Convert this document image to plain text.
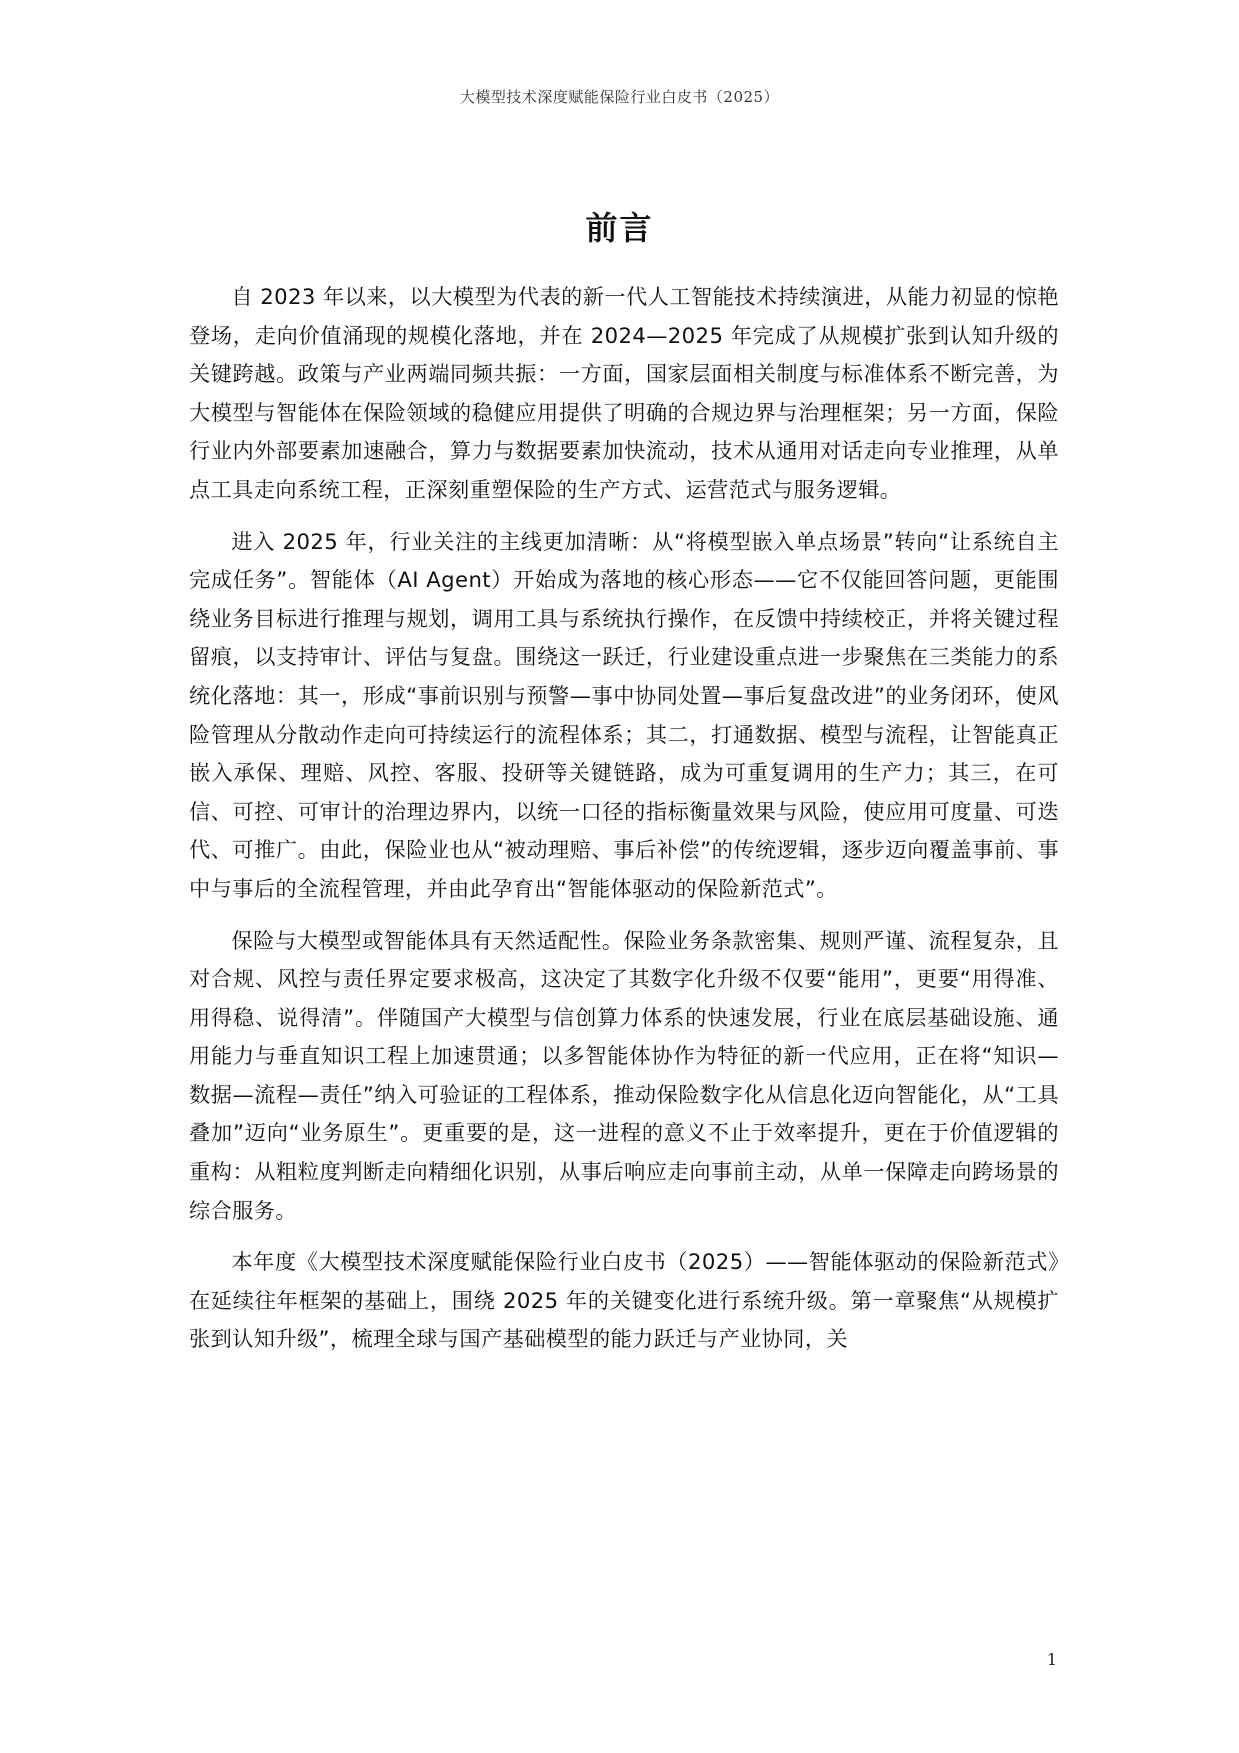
大模型技术深度赋能保险行业白皮书（2025）
前言

自 2023 年以来，以大模型为代表的新一代人工智能技术持续演进，从能力初显的惊艳登场，走向价值涌现的规模化落地，并在 2024—2025 年完成了从规模扩张到认知升级的关键跨越。政策与产业两端同频共振：一方面，国家层面相关制度与标准体系不断完善，为大模型与智能体在保险领域的稳健应用提供了明确的合规边界与治理框架；另一方面，保险行业内外部要素加速融合，算力与数据要素加快流动，技术从通用对话走向专业推理，从单点工具走向系统工程，正深刻重塑保险的生产方式、运营范式与服务逻辑。

进入 2025 年，行业关注的主线更加清晰：从“将模型嵌入单点场景”转向“让系统自主完成任务”。智能体（AI Agent）开始成为落地的核心形态——它不仅能回答问题，更能围绕业务目标进行推理与规划，调用工具与系统执行操作，在反馈中持续校正，并将关键过程留痕，以支持审计、评估与复盘。围绕这一跃迁，行业建设重点进一步聚焦在三类能力的系统化落地：其一，形成“事前识别与预警—事中协同处置—事后复盘改进”的业务闭环，使风险管理从分散动作走向可持续运行的流程体系；其二，打通数据、模型与流程，让智能真正嵌入承保、理赔、风控、客服、投研等关键链路，成为可重复调用的生产力；其三，在可信、可控、可审计的治理边界内，以统一口径的指标衡量效果与风险，使应用可度量、可迭代、可推广。由此，保险业也从“被动理赔、事后补偿”的传统逻辑，逐步迈向覆盖事前、事中与事后的全流程管理，并由此孕育出“智能体驱动的保险新范式”。

保险与大模型或智能体具有天然适配性。保险业务条款密集、规则严谨、流程复杂，且对合规、风控与责任界定要求极高，这决定了其数字化升级不仅要“能用”，更要“用得准、用得稳、说得清”。伴随国产大模型与信创算力体系的快速发展，行业在底层基础设施、通用能力与垂直知识工程上加速贯通；以多智能体协作为特征的新一代应用，正在将“知识—数据—流程—责任”纳入可验证的工程体系，推动保险数字化从信息化迈向智能化，从“工具叠加”迈向“业务原生”。更重要的是，这一进程的意义不止于效率提升，更在于价值逻辑的重构：从粗粒度判断走向精细化识别，从事后响应走向事前主动，从单一保障走向跨场景的综合服务。

本年度《大模型技术深度赋能保险行业白皮书（2025）——智能体驱动的保险新范式》在延续往年框架的基础上，围绕 2025 年的关键变化进行系统升级。第一章聚焦“从规模扩张到认知升级”，梳理全球与国产基础模型的能力跃迁与产业协同，关

1
